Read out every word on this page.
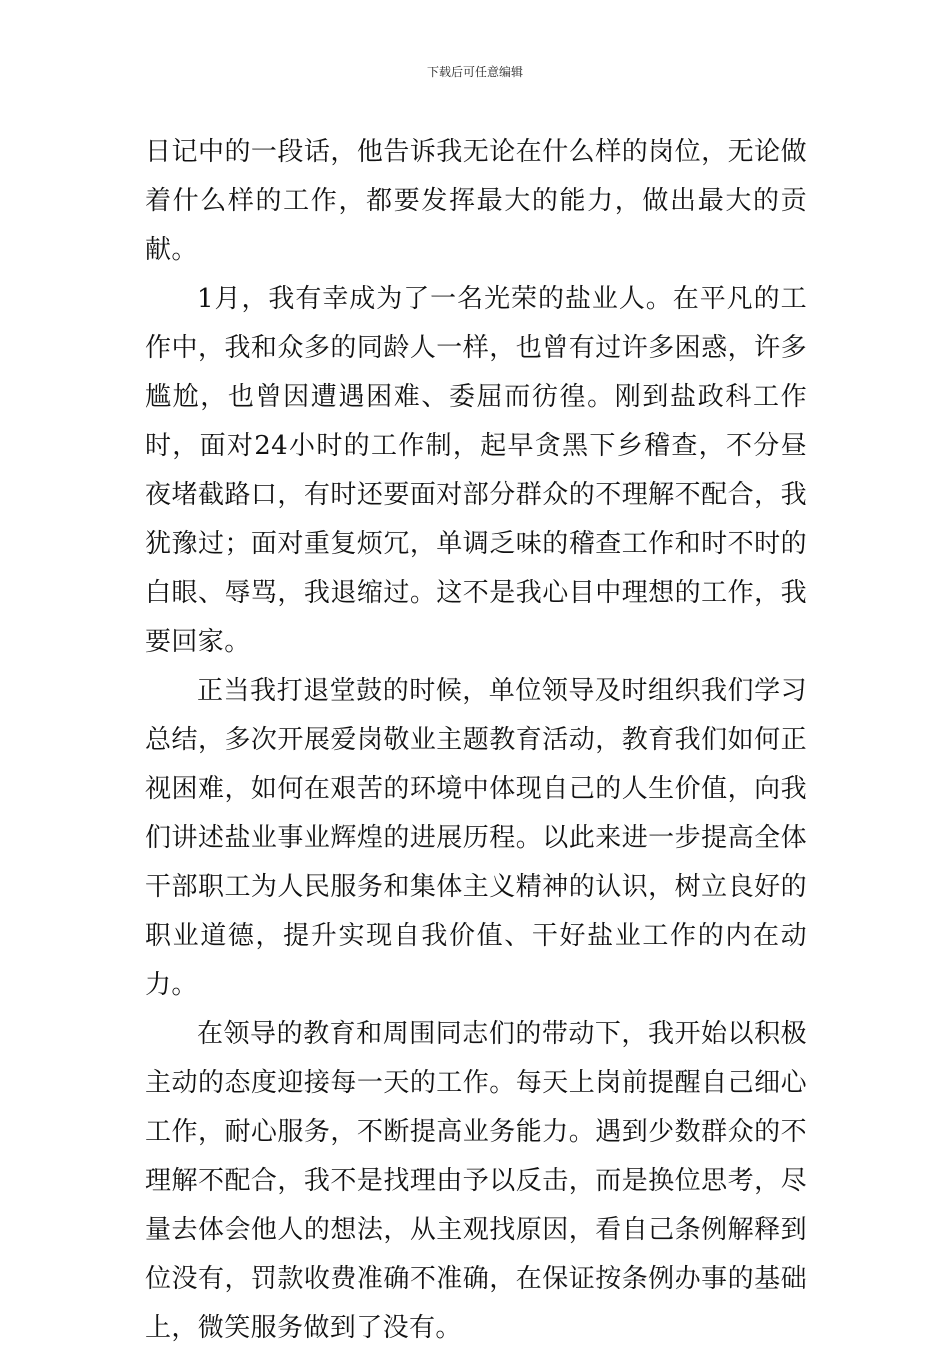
下载后可任意编辑

日记中的一段话，他告诉我无论在什么样的岗位，无论做着什么样的工作，都要发挥最大的能力，做出最大的贡献。

1月，我有幸成为了一名光荣的盐业人。在平凡的工作中，我和众多的同龄人一样，也曾有过许多困惑，许多尴尬，也曾因遭遇困难、委屈而彷徨。刚到盐政科工作时，面对24小时的工作制，起早贪黑下乡稽查，不分昼夜堵截路口，有时还要面对部分群众的不理解不配合，我犹豫过；面对重复烦冗，单调乏味的稽查工作和时不时的白眼、辱骂，我退缩过。这不是我心目中理想的工作，我要回家。

正当我打退堂鼓的时候，单位领导及时组织我们学习总结，多次开展爱岗敬业主题教育活动，教育我们如何正视困难，如何在艰苦的环境中体现自己的人生价值，向我们讲述盐业事业辉煌的进展历程。以此来进一步提高全体干部职工为人民服务和集体主义精神的认识，树立良好的职业道德，提升实现自我价值、干好盐业工作的内在动力。

在领导的教育和周围同志们的带动下，我开始以积极主动的态度迎接每一天的工作。每天上岗前提醒自己细心工作，耐心服务，不断提高业务能力。遇到少数群众的不理解不配合，我不是找理由予以反击，而是换位思考，尽量去体会他人的想法，从主观找原因，看自己条例解释到位没有，罚款收费准确不准确，在保证按条例办事的基础上，微笑服务做到了没有。
